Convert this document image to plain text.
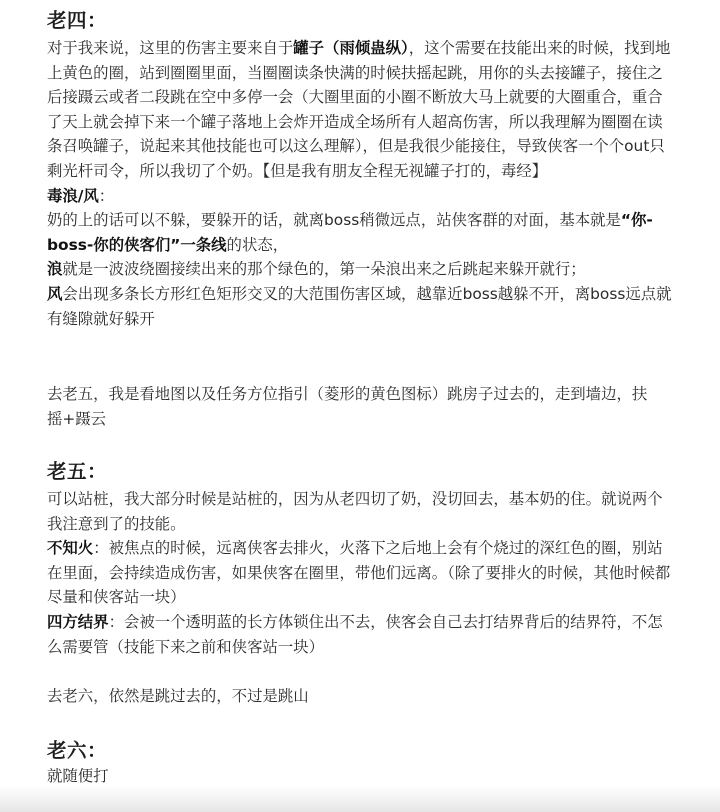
老四：

对于我来说，这里的伤害主要来自于罐子（雨倾蛊纵），这个需要在技能出来的时候，找到地上黄色的圈，站到圈圈里面，当圈圈读条快满的时候扶摇起跳，用你的头去接罐子，接住之后接蹑云或者二段跳在空中多停一会（大圈里面的小圈不断放大马上就要的大圈重合，重合了天上就会掉下来一个罐子落地上会炸开造成全场所有人超高伤害，所以我理解为圈圈在读条召唤罐子，说起来其他技能也可以这么理解），但是我很少能接住，导致侠客一个个out只剩光杆司令，所以我切了个奶。【但是我有朋友全程无视罐子打的，毒经】

毒浪/风：

奶的上的话可以不躲，要躲开的话，就离boss稍微远点，站侠客群的对面，基本就是“你-boss-你的侠客们”一条线的状态，

浪就是一波波绕圈接续出来的那个绿色的，第一朵浪出来之后跳起来躲开就行；

风会出现多条长方形红色矩形交叉的大范围伤害区域，越靠近boss越躲不开，离boss远点就有缝隙就好躲开

去老五，我是看地图以及任务方位指引（菱形的黄色图标）跳房子过去的，走到墙边，扶摇+蹑云

老五：

可以站桩，我大部分时候是站桩的，因为从老四切了奶，没切回去，基本奶的住。就说两个我注意到了的技能。

不知火：被焦点的时候，远离侠客去排火，火落下之后地上会有个烧过的深红色的圈，别站在里面，会持续造成伤害，如果侠客在圈里，带他们远离。（除了要排火的时候，其他时候都尽量和侠客站一块）

四方结界：会被一个透明蓝的长方体锁住出不去，侠客会自己去打结界背后的结界符，不怎么需要管（技能下来之前和侠客站一块）

去老六，依然是跳过去的，不过是跳山

老六：

就随便打
